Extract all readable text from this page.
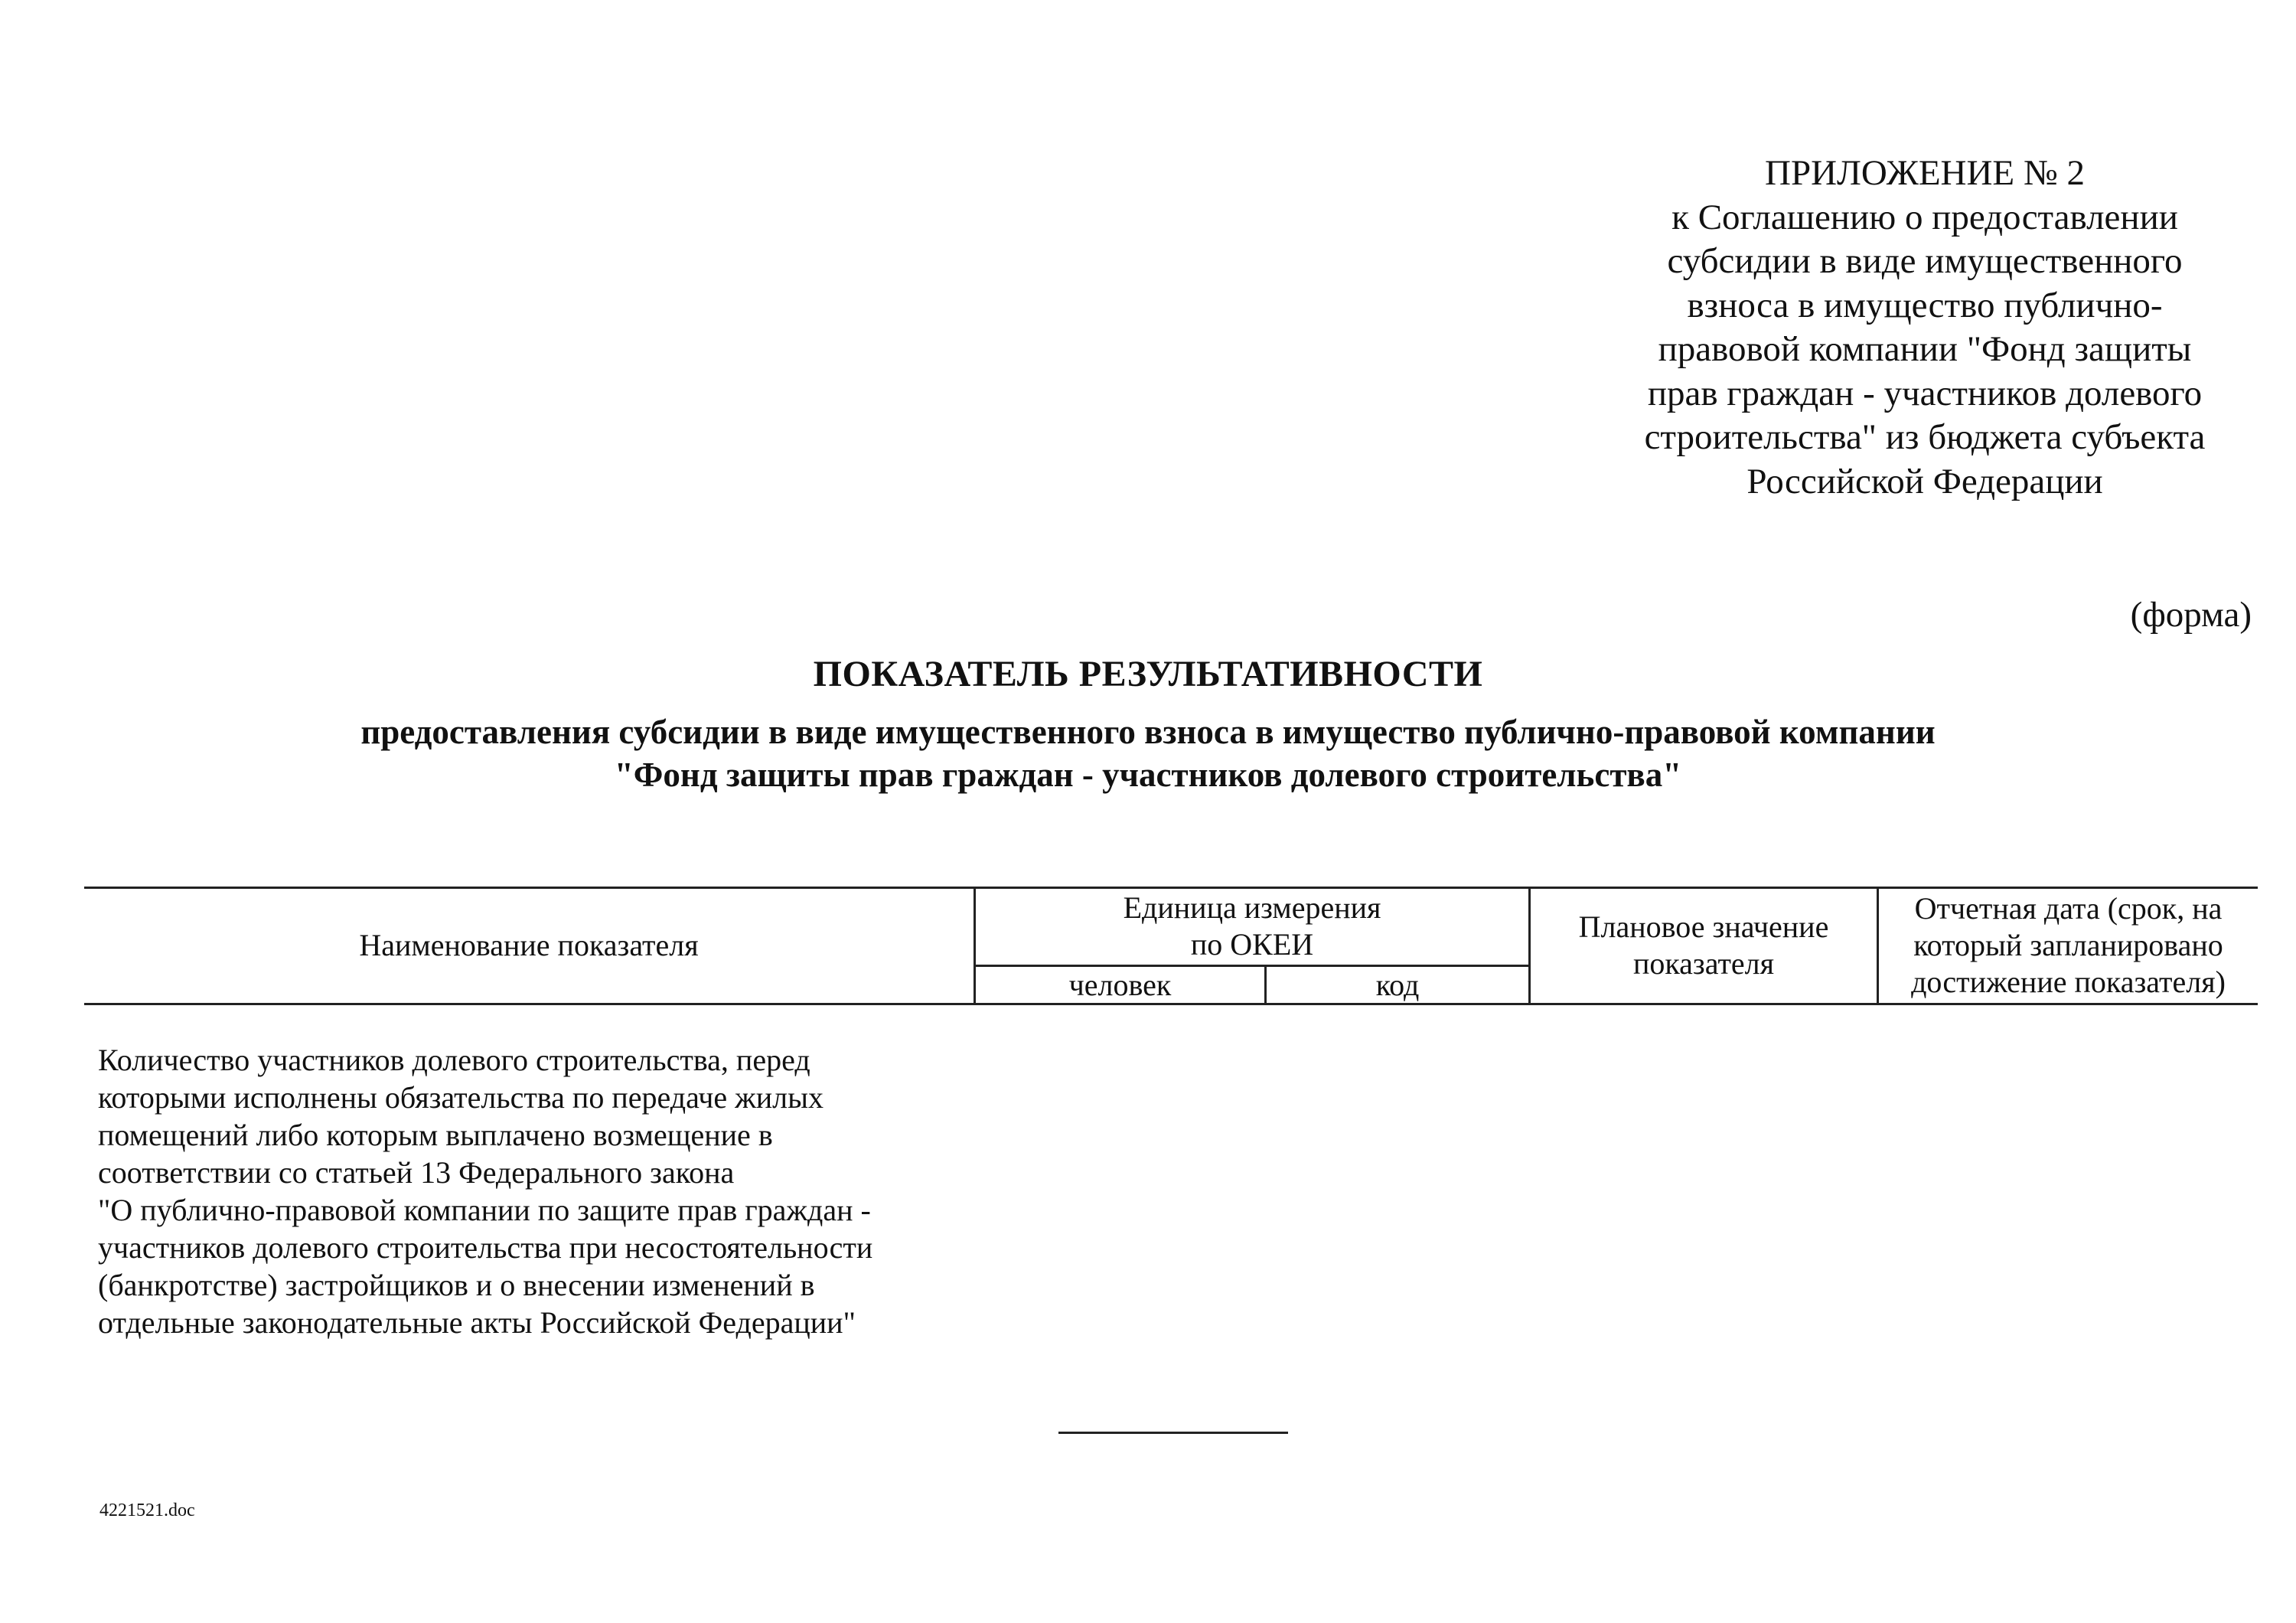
ПРИЛОЖЕНИЕ № 2
к Соглашению о предоставлении
субсидии в виде имущественного
взноса в имущество публично-
правовой компании "Фонд защиты
прав граждан - участников долевого
строительства" из бюджета субъекта
Российской Федерации
(форма)
ПОКАЗАТЕЛЬ РЕЗУЛЬТАТИВНОСТИ
предоставления субсидии в виде имущественного взноса в имущество публично-правовой компании
"Фонд защиты прав граждан - участников долевого строительства"
Наименование показателя
Единица измерения
по ОКЕИ
человек	код
Плановое значение
показателя
Отчетная дата (срок, на
который запланировано
достижение показателя)
Количество участников долевого строительства, перед
которыми исполнены обязательства по передаче жилых
помещений либо которым выплачено возмещение в
соответствии со статьей 13 Федерального закона
"О публично-правовой компании по защите прав граждан -
участников долевого строительства при несостоятельности
(банкротстве) застройщиков и о внесении изменений в
отдельные законодательные акты Российской Федерации"
4221521.doc
